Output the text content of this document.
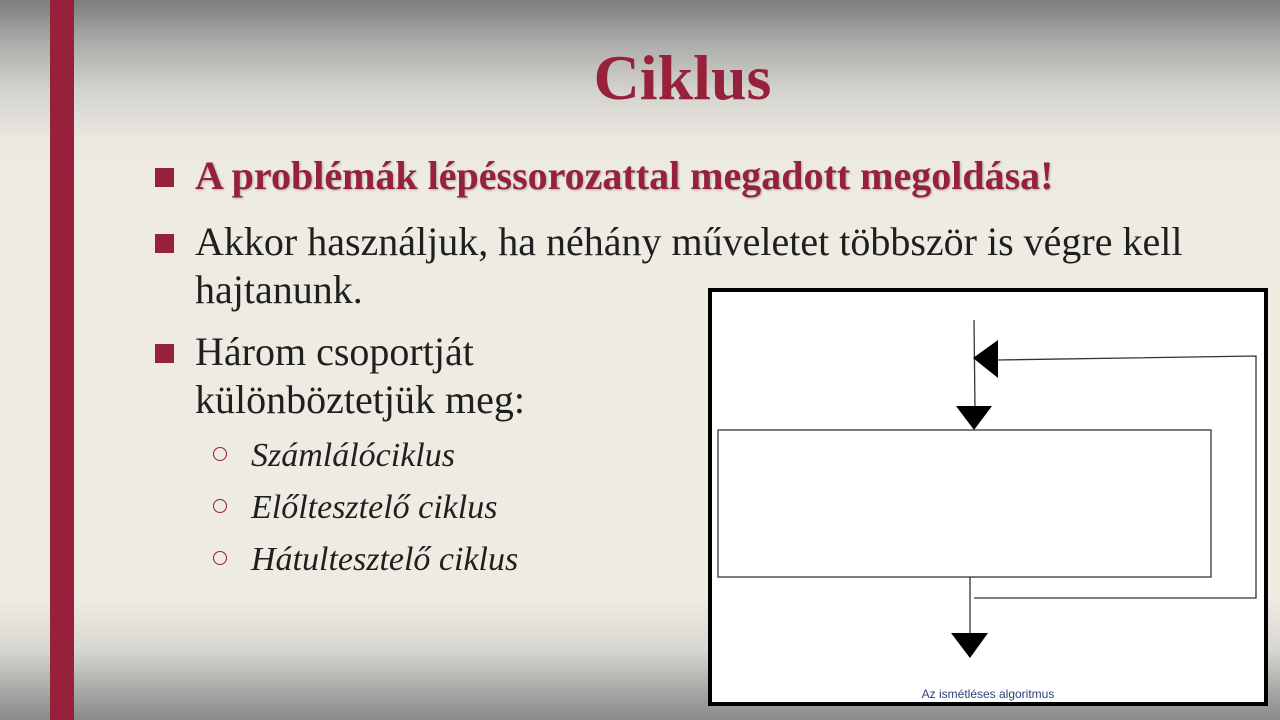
Ciklus
A problémák lépéssorozattal megadott megoldása!
Akkor használjuk, ha néhány műveletet többször is végre kell hajtanunk.
Három csoportját különböztetjük meg:
Számlálóciklus
Előltesztelő ciklus
Hátultesztelő ciklus
Az ismétléses algoritmus
